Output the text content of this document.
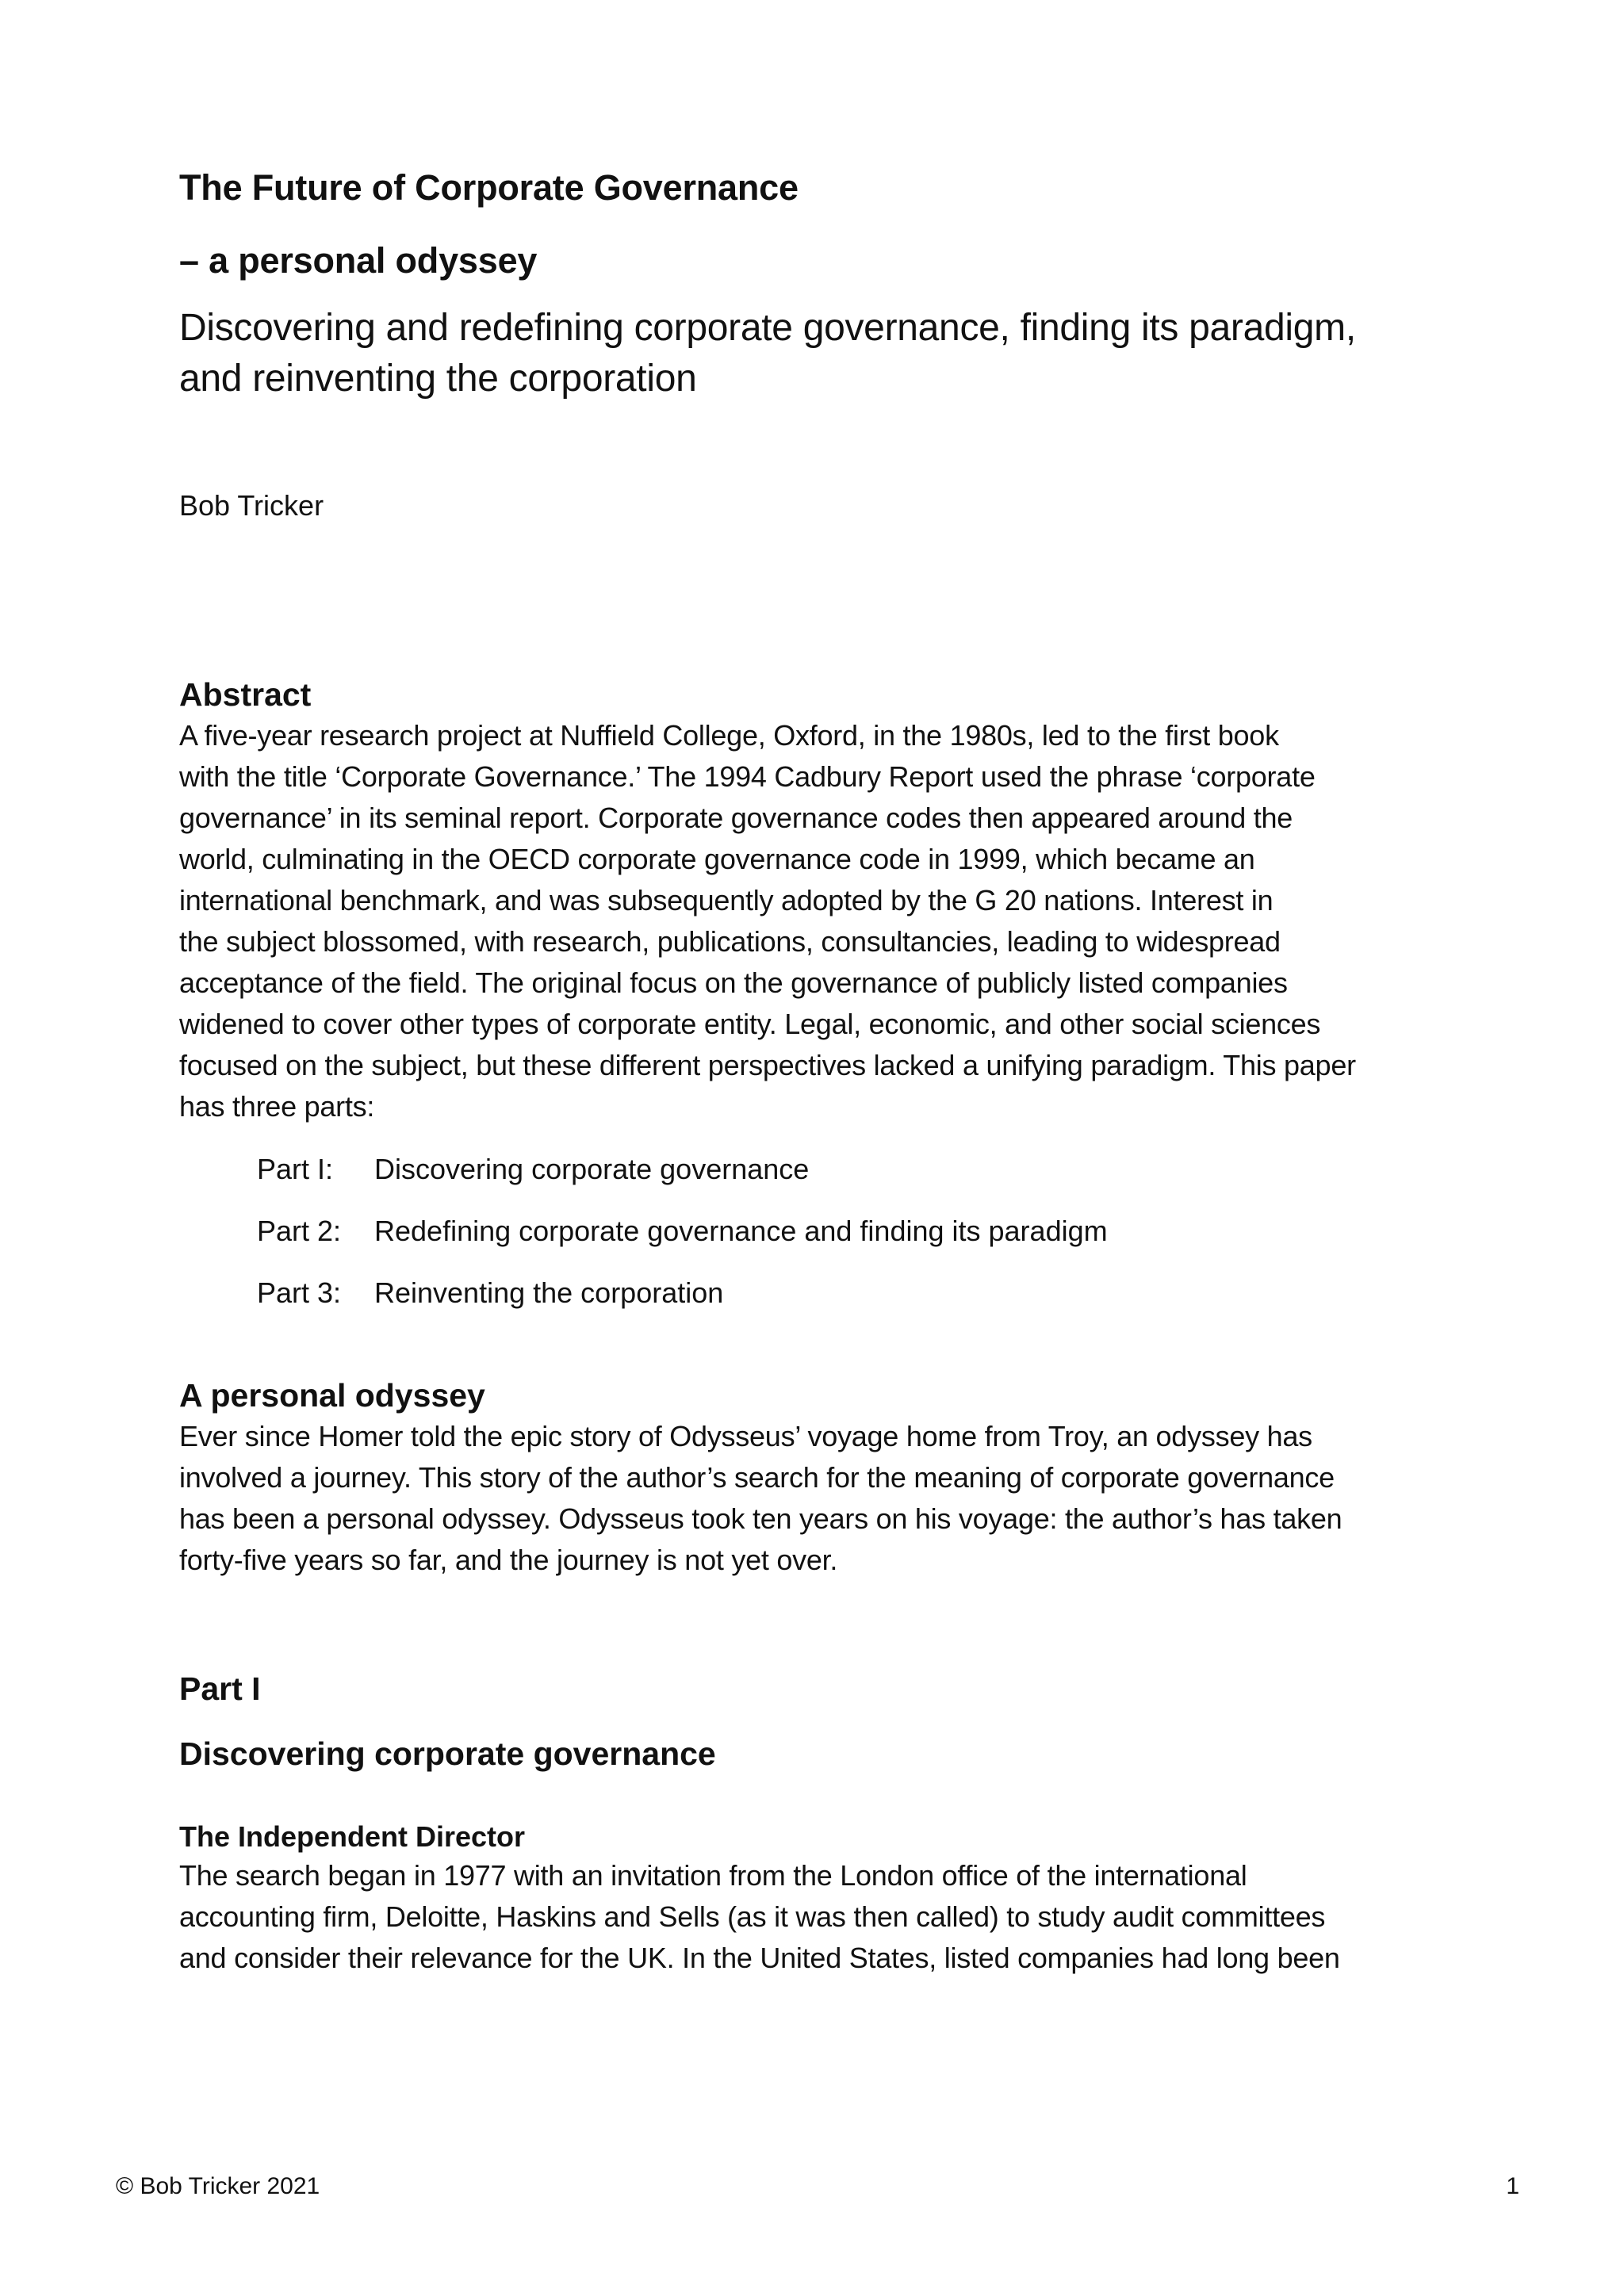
The Future of Corporate Governance
– a personal odyssey
Discovering and redefining corporate governance, finding its paradigm,
and reinventing the corporation

Bob Tricker

Abstract

A five-year research project at Nuffield College, Oxford, in the 1980s, led to the first book
with the title ‘Corporate Governance.’ The 1994 Cadbury Report used the phrase ‘corporate
governance’ in its seminal report. Corporate governance codes then appeared around the
world, culminating in the OECD corporate governance code in 1999, which became an
international benchmark, and was subsequently adopted by the G 20 nations. Interest in
the subject blossomed, with research, publications, consultancies, leading to widespread
acceptance of the field. The original focus on the governance of publicly listed companies
widened to cover other types of corporate entity. Legal, economic, and other social sciences
focused on the subject, but these different perspectives lacked a unifying paradigm. This paper
has three parts:

Part I:	Discovering corporate governance
Part 2:	Redefining corporate governance and finding its paradigm
Part 3:	Reinventing the corporation
A personal odyssey

Ever since Homer told the epic story of Odysseus’ voyage home from Troy, an odyssey has
involved a journey. This story of the author’s search for the meaning of corporate governance
has been a personal odyssey. Odysseus took ten years on his voyage: the author’s has taken
forty-five years so far, and the journey is not yet over.

Part I
Discovering corporate governance
The Independent Director

The search began in 1977 with an invitation from the London office of the international
accounting firm, Deloitte, Haskins and Sells (as it was then called) to study audit committees
and consider their relevance for the UK. In the United States, listed companies had long been

© Bob Tricker 2021	1
